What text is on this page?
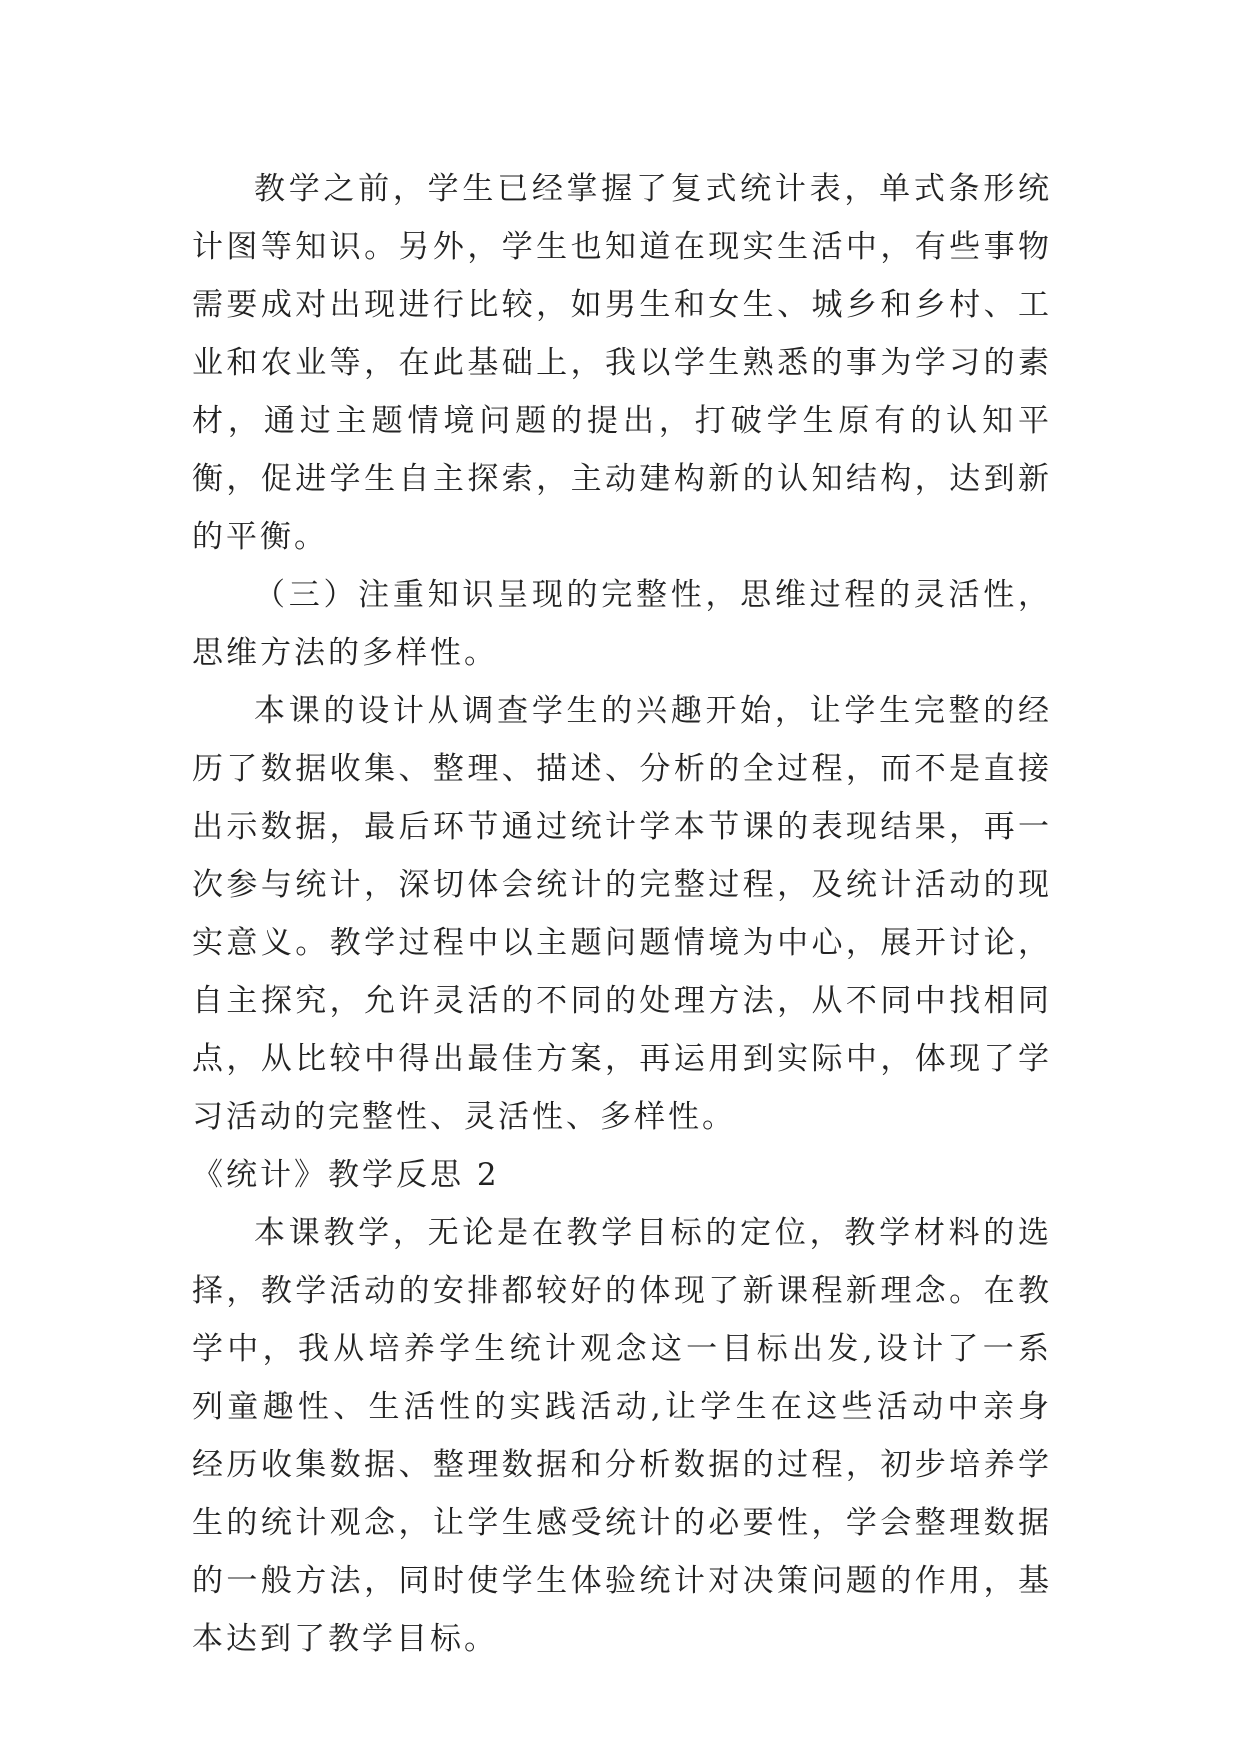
教学之前，学生已经掌握了复式统计表，单式条形统计图等知识。另外，学生也知道在现实生活中，有些事物需要成对出现进行比较，如男生和女生、城乡和乡村、工业和农业等，在此基础上，我以学生熟悉的事为学习的素材，通过主题情境问题的提出，打破学生原有的认知平衡，促进学生自主探索，主动建构新的认知结构，达到新的平衡。

（三）注重知识呈现的完整性，思维过程的灵活性，思维方法的多样性。

本课的设计从调查学生的兴趣开始，让学生完整的经历了数据收集、整理、描述、分析的全过程，而不是直接出示数据，最后环节通过统计学本节课的表现结果，再一次参与统计，深切体会统计的完整过程，及统计活动的现实意义。教学过程中以主题问题情境为中心，展开讨论，自主探究，允许灵活的不同的处理方法，从不同中找相同点，从比较中得出最佳方案，再运用到实际中，体现了学习活动的完整性、灵活性、多样性。

《统计》教学反思 2

本课教学，无论是在教学目标的定位，教学材料的选择，教学活动的安排都较好的体现了新课程新理念。在教学中，我从培养学生统计观念这一目标出发,设计了一系列童趣性、生活性的实践活动,让学生在这些活动中亲身经历收集数据、整理数据和分析数据的过程，初步培养学生的统计观念，让学生感受统计的必要性，学会整理数据的一般方法，同时使学生体验统计对决策问题的作用，基本达到了教学目标。
